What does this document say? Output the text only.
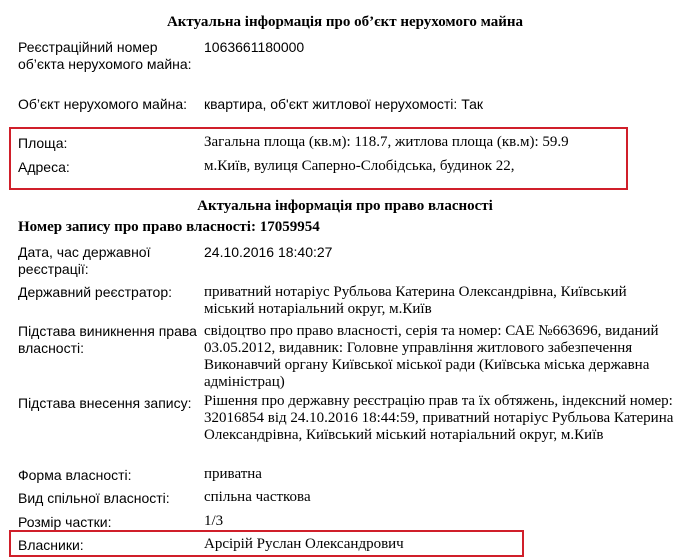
Актуальна інформація про об’єкт нерухомого майна
Реєстраційний номер об’єкта нерухомого майна:
1063661180000
Об’єкт нерухомого майна:	квартира, об'єкт житлової нерухомості: Так
Площа:	Загальна площа (кв.м): 118.7, житлова площа (кв.м): 59.9
Адреса:	м.Київ, вулиця Саперно-Слобідська, будинок 22,
Актуальна інформація про право власності
Номер запису про право власності: 17059954
Дата, час державної реєстрації:
24.10.2016 18:40:27
Державний реєстратор:	приватний нотаріус Рубльова Катерина Олександрівна, Київський міський нотаріальний округ, м.Київ
Підстава виникнення права власності:
свідоцтво про право власності, серія та номер: САЕ №663696, виданий 03.05.2012, видавник: Головне управління житлового забезпечення Виконавчий органу Київської міської ради (Київська міська державна адміністрац)
Підстава внесення запису: Рішення про державну реєстрацію прав та їх обтяжень, індексний номер: 32016854 від 24.10.2016 18:44:59, приватний нотаріус Рубльова Катерина Олександрівна, Київський міський нотаріальний округ, м.Київ
Форма власності:	приватна
Вид спільної власності:	спільна часткова
Розмір частки:	1/3
Власники:	Арсірій Руслан Олександрович
